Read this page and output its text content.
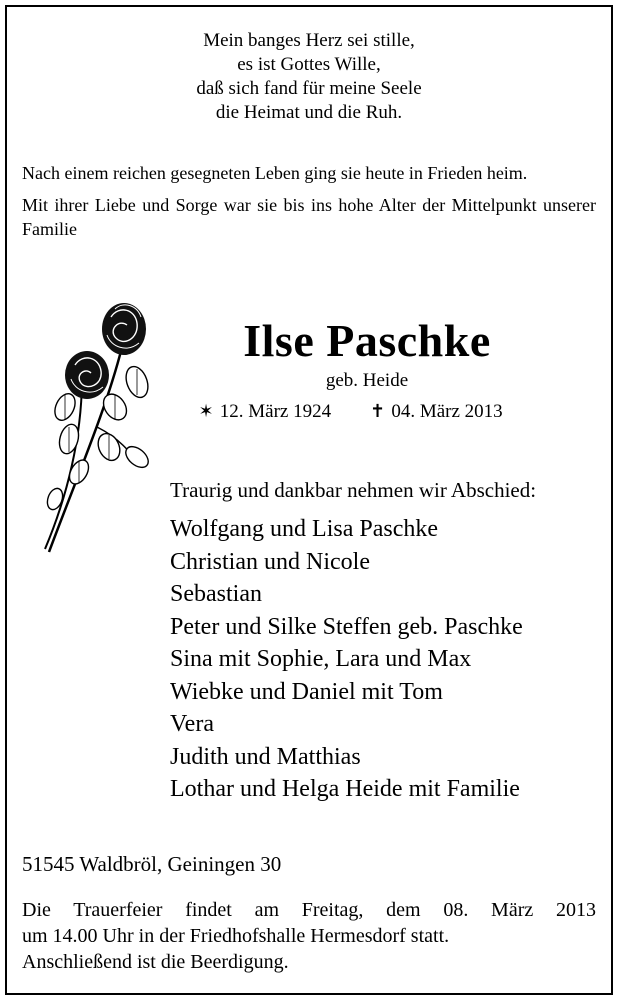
Mein banges Herz sei stille,
es ist Gottes Wille,
daß sich fand für meine Seele
die Heimat und die Ruh.

Nach einem reichen gesegneten Leben ging sie heute in Frieden heim.

Mit ihrer Liebe und Sorge war sie bis ins hohe Alter der Mittelpunkt unserer Familie

Ilse Paschke
geb. Heide
✶ 12. März 1924 ✝ 04. März 2013
Traurig und dankbar nehmen wir Abschied:
Wolfgang und Lisa Paschke
Christian und Nicole
Sebastian
Peter und Silke Steffen geb. Paschke
Sina mit Sophie, Lara und Max
Wiebke und Daniel mit Tom
Vera
Judith und Matthias
Lothar und Helga Heide mit Familie
51545 Waldbröl, Geiningen 30
Die Trauerfeier findet am Freitag, dem 08. März 2013
um 14.00 Uhr in der Friedhofshalle Hermesdorf statt.
Anschließend ist die Beerdigung.
